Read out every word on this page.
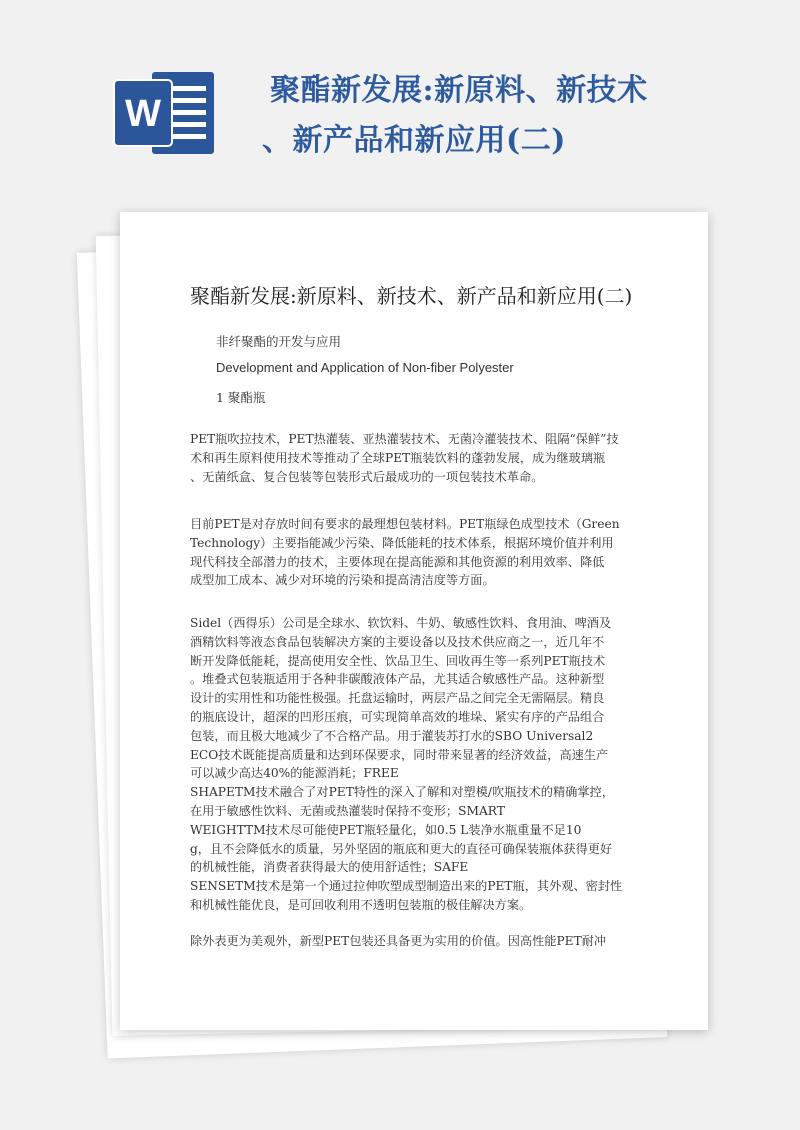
W
聚酯新发展:新原料、新技术
、新产品和新应用(二)
聚酯新发展:新原料、新技术、新产品和新应用(二)
非纤聚酯的开发与应用
Development and Application of Non-fiber Polyester
1 聚酯瓶

PET瓶吹拉技术，PET热灌装、亚热灌装技术、无菌冷灌装技术、阻隔“保鲜”技
术和再生原料使用技术等推动了全球PET瓶装饮料的蓬勃发展，成为继玻璃瓶
、无菌纸盒、复合包装等包装形式后最成功的一项包装技术革命。

目前PET是对存放时间有要求的最理想包装材料。PET瓶绿色成型技术（Green
Technology）主要指能减少污染、降低能耗的技术体系，根据环境价值并利用
现代科技全部潜力的技术，主要体现在提高能源和其他资源的利用效率、降低
成型加工成本、减少对环境的污染和提高清洁度等方面。

Sidel（西得乐）公司是全球水、软饮料、牛奶、敏感性饮料、食用油、啤酒及
酒精饮料等液态食品包装解决方案的主要设备以及技术供应商之一，近几年不
断开发降低能耗，提高使用安全性、饮品卫生、回收再生等一系列PET瓶技术
。堆叠式包装瓶适用于各种非碳酸液体产品，尤其适合敏感性产品。这种新型
设计的实用性和功能性极强。托盘运输时，两层产品之间完全无需隔层。精良
的瓶底设计，超深的凹形压痕，可实现简单高效的堆垛、紧实有序的产品组合
包装，而且极大地减少了不合格产品。用于灌装苏打水的SBO Universal2
ECO技术既能提高质量和达到环保要求，同时带来显著的经济效益，高速生产
可以减少高达40%的能源消耗；FREE
SHAPETM技术融合了对PET特性的深入了解和对塑模/吹瓶技术的精确掌控，
在用于敏感性饮料、无菌或热灌装时保持不变形；SMART
WEIGHTTM技术尽可能使PET瓶轻量化，如0.5 L装净水瓶重量不足10
g，且不会降低水的质量，另外坚固的瓶底和更大的直径可确保装瓶体获得更好
的机械性能，消费者获得最大的使用舒适性；SAFE
SENSETM技术是第一个通过拉伸吹塑成型制造出来的PET瓶，其外观、密封性
和机械性能优良，是可回收利用不透明包装瓶的极佳解决方案。

除外表更为美观外，新型PET包装还具备更为实用的价值。因高性能PET耐冲
